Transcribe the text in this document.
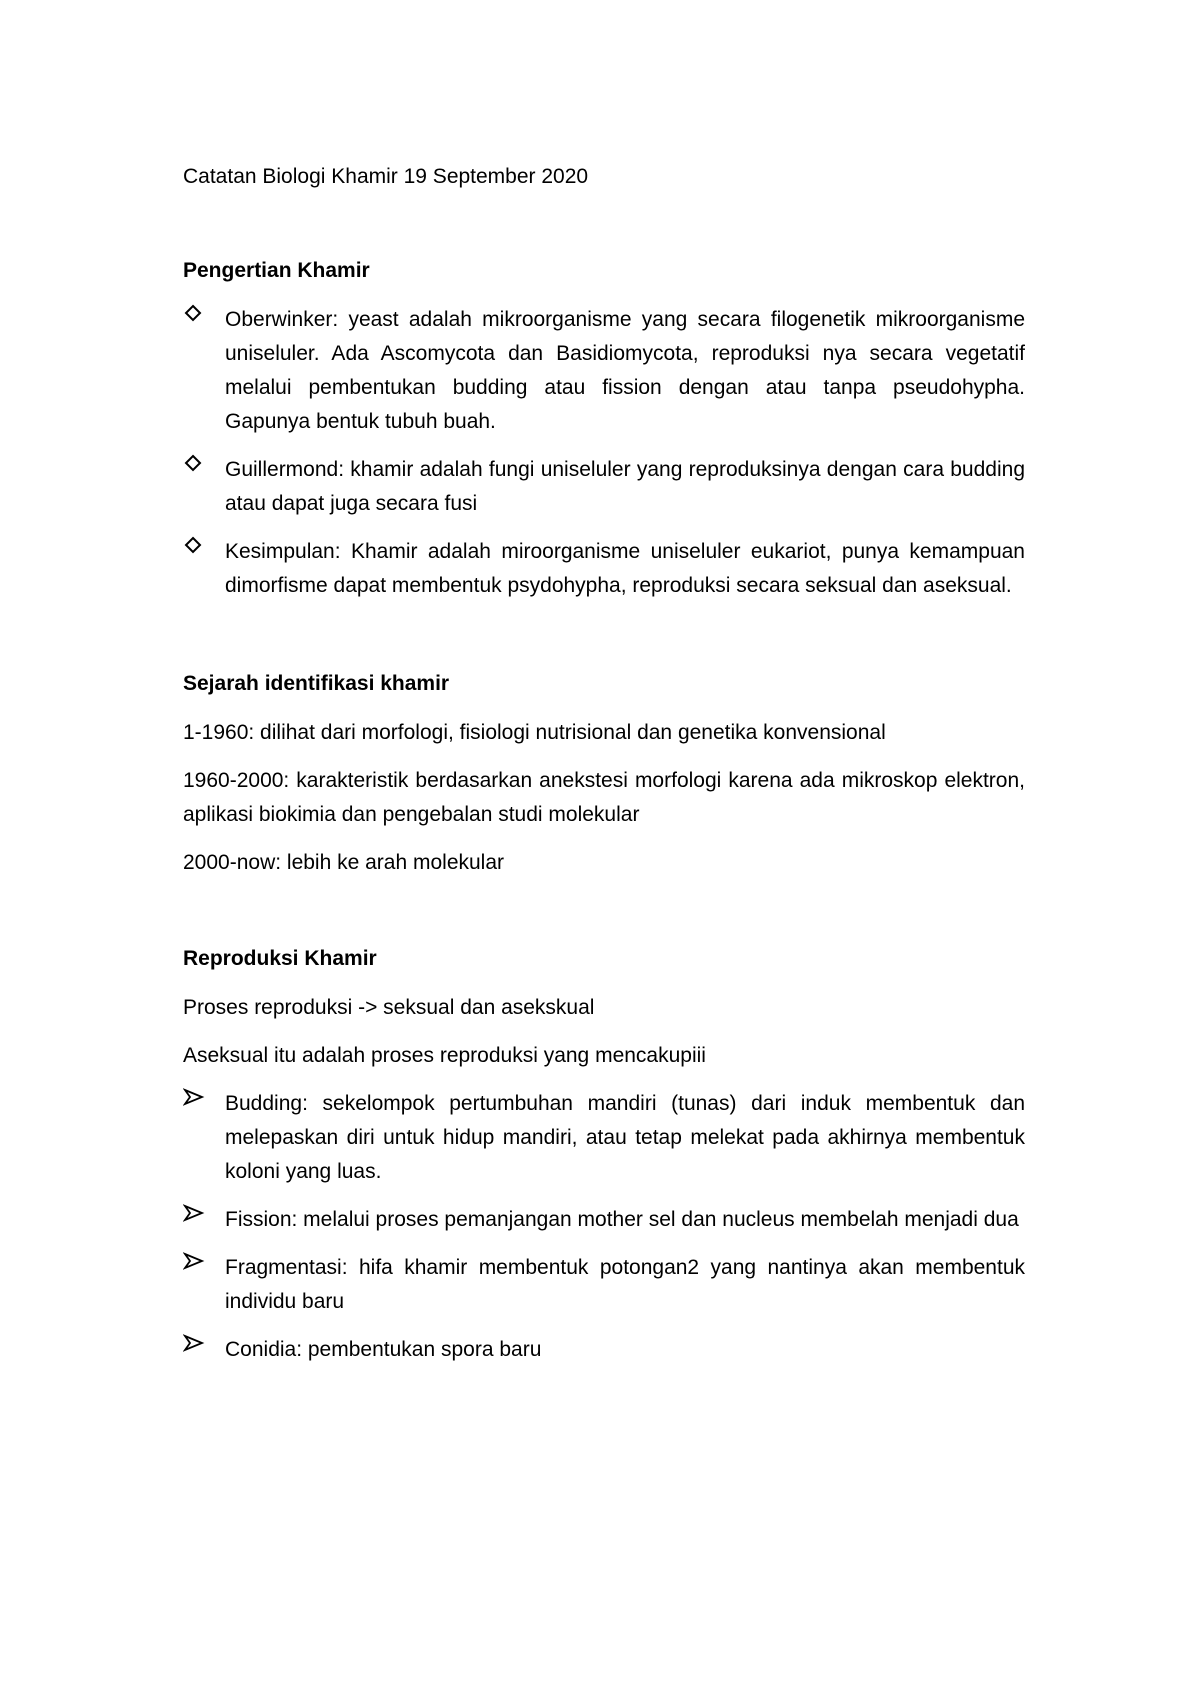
Catatan Biologi Khamir 19 September 2020

Pengertian Khamir

Oberwinker: yeast adalah mikroorganisme yang secara filogenetik mikroorganisme uniseluler. Ada Ascomycota dan Basidiomycota, reproduksi nya secara vegetatif melalui pembentukan budding atau fission dengan atau tanpa pseudohypha. Gapunya bentuk tubuh buah.
Guillermond: khamir adalah fungi uniseluler yang reproduksinya dengan cara budding atau dapat juga secara fusi
Kesimpulan: Khamir adalah miroorganisme uniseluler eukariot, punya kemampuan dimorfisme dapat membentuk psydohypha, reproduksi secara seksual dan aseksual.

Sejarah identifikasi khamir

1-1960: dilihat dari morfologi, fisiologi nutrisional dan genetika konvensional

1960-2000: karakteristik berdasarkan anekstesi morfologi karena ada mikroskop elektron, aplikasi biokimia dan pengebalan studi molekular

2000-now: lebih ke arah molekular

Reproduksi Khamir

Proses reproduksi -> seksual dan asekskual

Aseksual itu adalah proses reproduksi yang mencakupiii

Budding: sekelompok pertumbuhan mandiri (tunas) dari induk membentuk dan melepaskan diri untuk hidup mandiri, atau tetap melekat pada akhirnya membentuk koloni yang luas.
Fission: melalui proses pemanjangan mother sel dan nucleus membelah menjadi dua
Fragmentasi: hifa khamir membentuk potongan2 yang nantinya akan membentuk individu baru
Conidia: pembentukan spora baru
